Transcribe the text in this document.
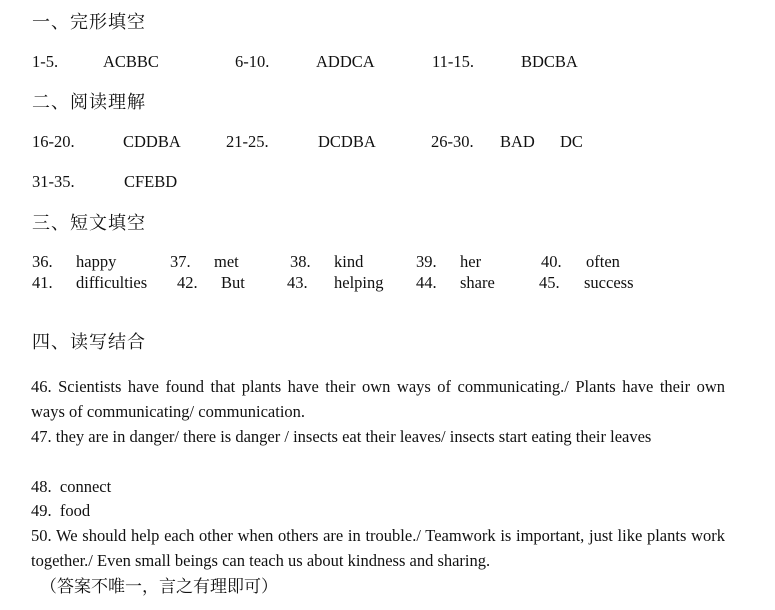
一、完形填空
1-5.	ACBBC	6-10.	ADDCA	11-15.	BDCBA
二、阅读理解
16-20.	CDDBA	21-25.	DCDBA	26-30. BAD DC
31-35.	CFEBD
三、短文填空
36. happy	37. met	38. kind	39. her	40. often
41. difficulties 42. But	43. helping 44. share	45. success
四、读写结合
46. Scientists have found that plants have their own ways of communicating./ Plants have their own ways of communicating/ communication.
47. they are in danger/ there is danger / insects eat their leaves/ insects start eating their leaves
48.  connect
49.  food
50. We should help each other when others are in trouble./ Teamwork is important, just like plants work together./ Even small beings can teach us about kindness and sharing.
（答案不唯一，言之有理即可）
